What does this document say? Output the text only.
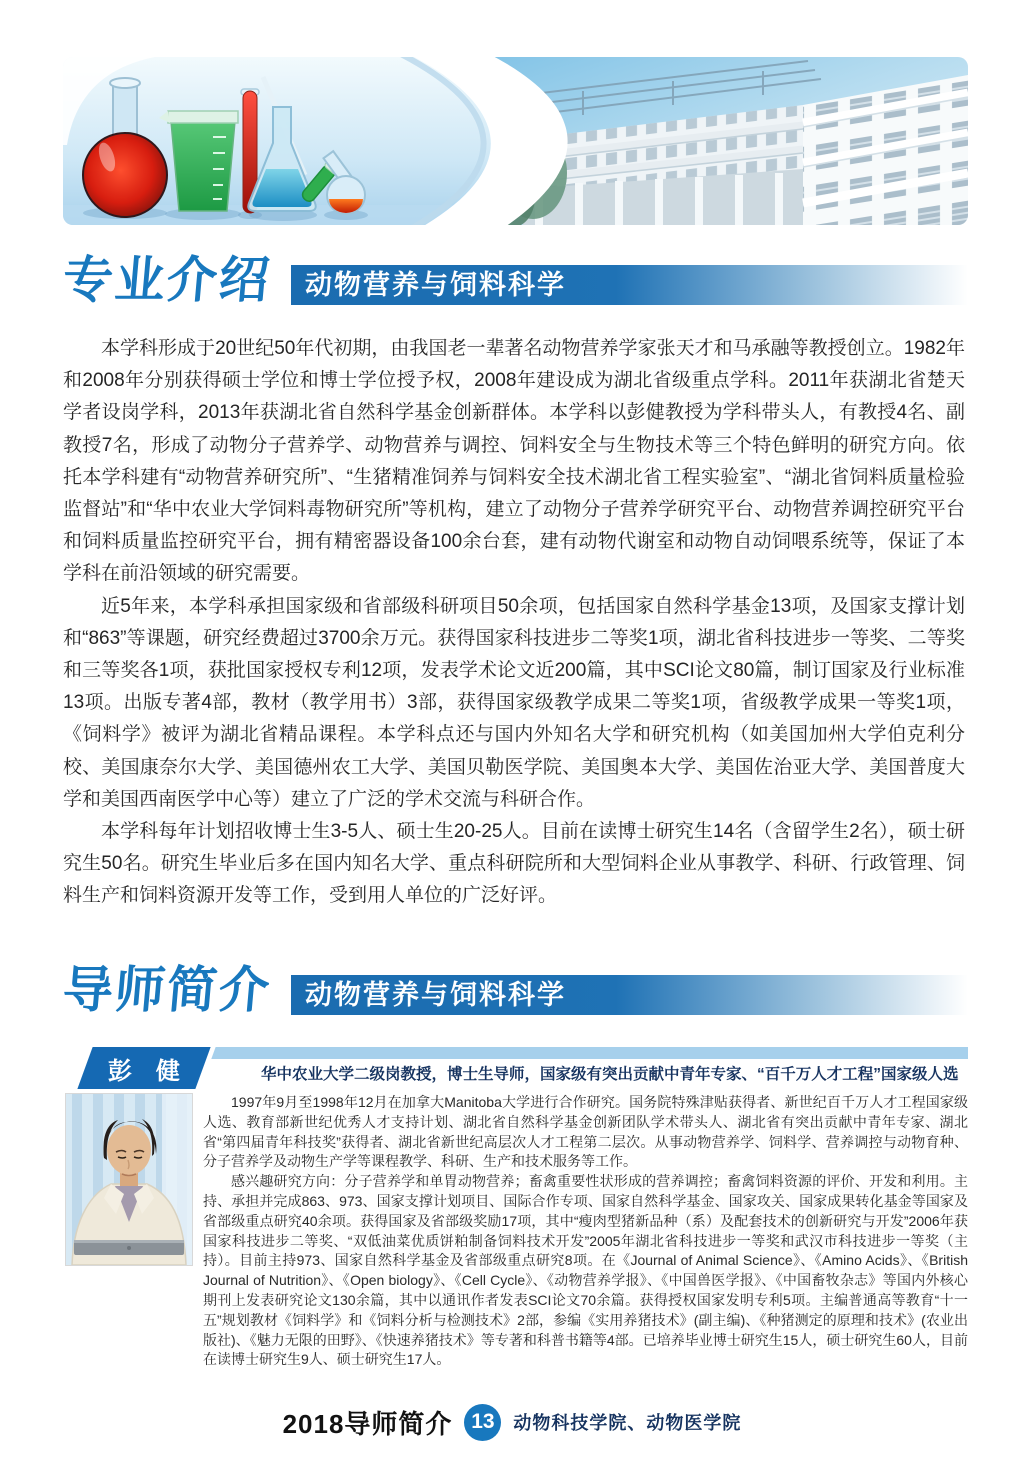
专业介绍	动物营养与饲料科学

本学科形成于20世纪50年代初期，由我国老一辈著名动物营养学家张天才和马承融等教授创立。1982年和2008年分别获得硕士学位和博士学位授予权，2008年建设成为湖北省级重点学科。2011年获湖北省楚天学者设岗学科，2013年获湖北省自然科学基金创新群体。本学科以彭健教授为学科带头人，有教授4名、副教授7名，形成了动物分子营养学、动物营养与调控、饲料安全与生物技术等三个特色鲜明的研究方向。依托本学科建有“动物营养研究所”、“生猪精准饲养与饲料安全技术湖北省工程实验室”、“湖北省饲料质量检验监督站”和“华中农业大学饲料毒物研究所”等机构，建立了动物分子营养学研究平台、动物营养调控研究平台和饲料质量监控研究平台，拥有精密器设备100余台套，建有动物代谢室和动物自动饲喂系统等，保证了本学科在前沿领域的研究需要。

近5年来，本学科承担国家级和省部级科研项目50余项，包括国家自然科学基金13项，及国家支撑计划和“863”等课题，研究经费超过3700余万元。获得国家科技进步二等奖1项，湖北省科技进步一等奖、二等奖和三等奖各1项，获批国家授权专利12项，发表学术论文近200篇，其中SCI论文80篇，制订国家及行业标准13项。出版专著4部，教材（教学用书）3部，获得国家级教学成果二等奖1项，省级教学成果一等奖1项，《饲料学》被评为湖北省精品课程。本学科点还与国内外知名大学和研究机构（如美国加州大学伯克利分校、美国康奈尔大学、美国德州农工大学、美国贝勒医学院、美国奥本大学、美国佐治亚大学、美国普度大学和美国西南医学中心等）建立了广泛的学术交流与科研合作。

本学科每年计划招收博士生3-5人、硕士生20-25人。目前在读博士研究生14名（含留学生2名），硕士研究生50名。研究生毕业后多在国内知名大学、重点科研院所和大型饲料企业从事教学、科研、行政管理、饲料生产和饲料资源开发等工作，受到用人单位的广泛好评。

导师简介	动物营养与饲料科学
彭　健	华中农业大学二级岗教授，博士生导师，国家级有突出贡献中青年专家、“百千万人才工程”国家级人选

1997年9月至1998年12月在加拿大Manitoba大学进行合作研究。国务院特殊津贴获得者、新世纪百千万人才工程国家级人选、教育部新世纪优秀人才支持计划、湖北省自然科学基金创新团队学术带头人、湖北省有突出贡献中青年专家、湖北省“第四届青年科技奖”获得者、湖北省新世纪高层次人才工程第二层次。从事动物营养学、饲料学、营养调控与动物育种、分子营养学及动物生产学等课程教学、科研、生产和技术服务等工作。

感兴趣研究方向：分子营养学和单胃动物营养；畜禽重要性状形成的营养调控；畜禽饲料资源的评价、开发和利用。主持、承担并完成863、973、国家支撑计划项目、国际合作专项、国家自然科学基金、国家攻关、国家成果转化基金等国家及省部级重点研究40余项。获得国家及省部级奖励17项，其中“瘦肉型猪新品种（系）及配套技术的创新研究与开发”2006年获国家科技进步二等奖、“双低油菜优质饼粕制备饲料技术开发”2005年湖北省科技进步一等奖和武汉市科技进步一等奖（主持）。目前主持973、国家自然科学基金及省部级重点研究8项。在《Journal of Animal Science》、《Amino Acids》、《British Journal of Nutrition》、《Open biology》、《Cell Cycle》、《动物营养学报》、《中国兽医学报》、《中国畜牧杂志》等国内外核心期刊上发表研究论文130余篇，其中以通讯作者发表SCI论文70余篇。获得授权国家发明专利5项。主编普通高等教育“十一五”规划教材《饲料学》和《饲料分析与检测技术》2部，参编《实用养猪技术》(副主编)、《种猪测定的原理和技术》(农业出版社)、《魅力无限的田野》、《快速养猪技术》等专著和科普书籍等4部。已培养毕业博士研究生15人，硕士研究生60人，目前在读博士研究生9人、硕士研究生17人。

2018导师简介 13	动物科技学院、动物医学院
